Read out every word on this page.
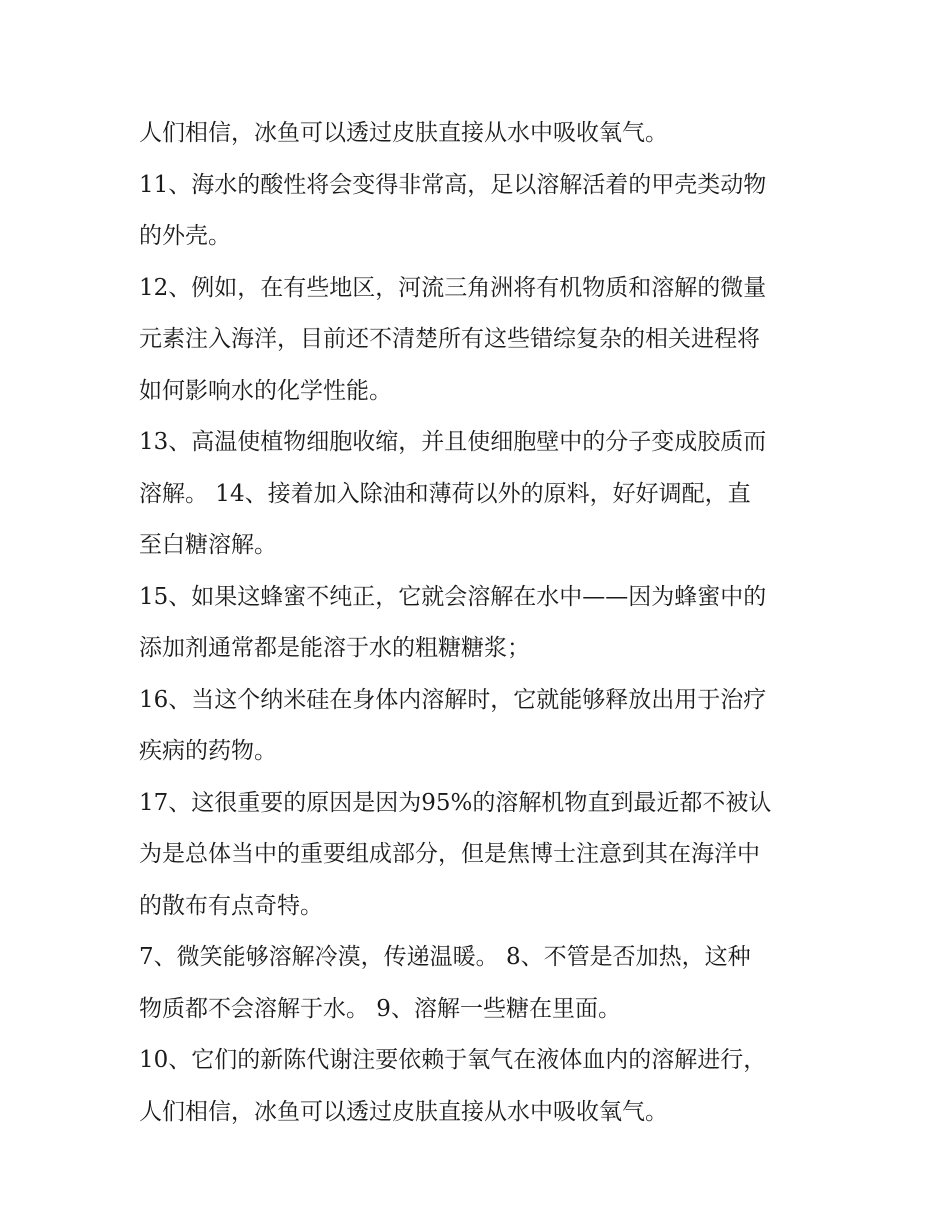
人们相信，冰鱼可以透过皮肤直接从水中吸收氧气。
11、海水的酸性将会变得非常高，足以溶解活着的甲壳类动物
的外壳。
12、例如，在有些地区，河流三角洲将有机物质和溶解的微量
元素注入海洋，目前还不清楚所有这些错综复杂的相关进程将
如何影响水的化学性能。
13、高温使植物细胞收缩，并且使细胞壁中的分子变成胶质而
溶解。 14、接着加入除油和薄荷以外的原料，好好调配，直
至白糖溶解。
15、如果这蜂蜜不纯正，它就会溶解在水中——因为蜂蜜中的
添加剂通常都是能溶于水的粗糖糖浆；
16、当这个纳米硅在身体内溶解时，它就能够释放出用于治疗
疾病的药物。
17、这很重要的原因是因为95%的溶解机物直到最近都不被认
为是总体当中的重要组成部分，但是焦博士注意到其在海洋中
的散布有点奇特。
7、微笑能够溶解冷漠，传递温暖。 8、不管是否加热，这种
物质都不会溶解于水。 9、溶解一些糖在里面。
10、它们的新陈代谢注要依赖于氧气在液体血内的溶解进行，
人们相信，冰鱼可以透过皮肤直接从水中吸收氧气。
